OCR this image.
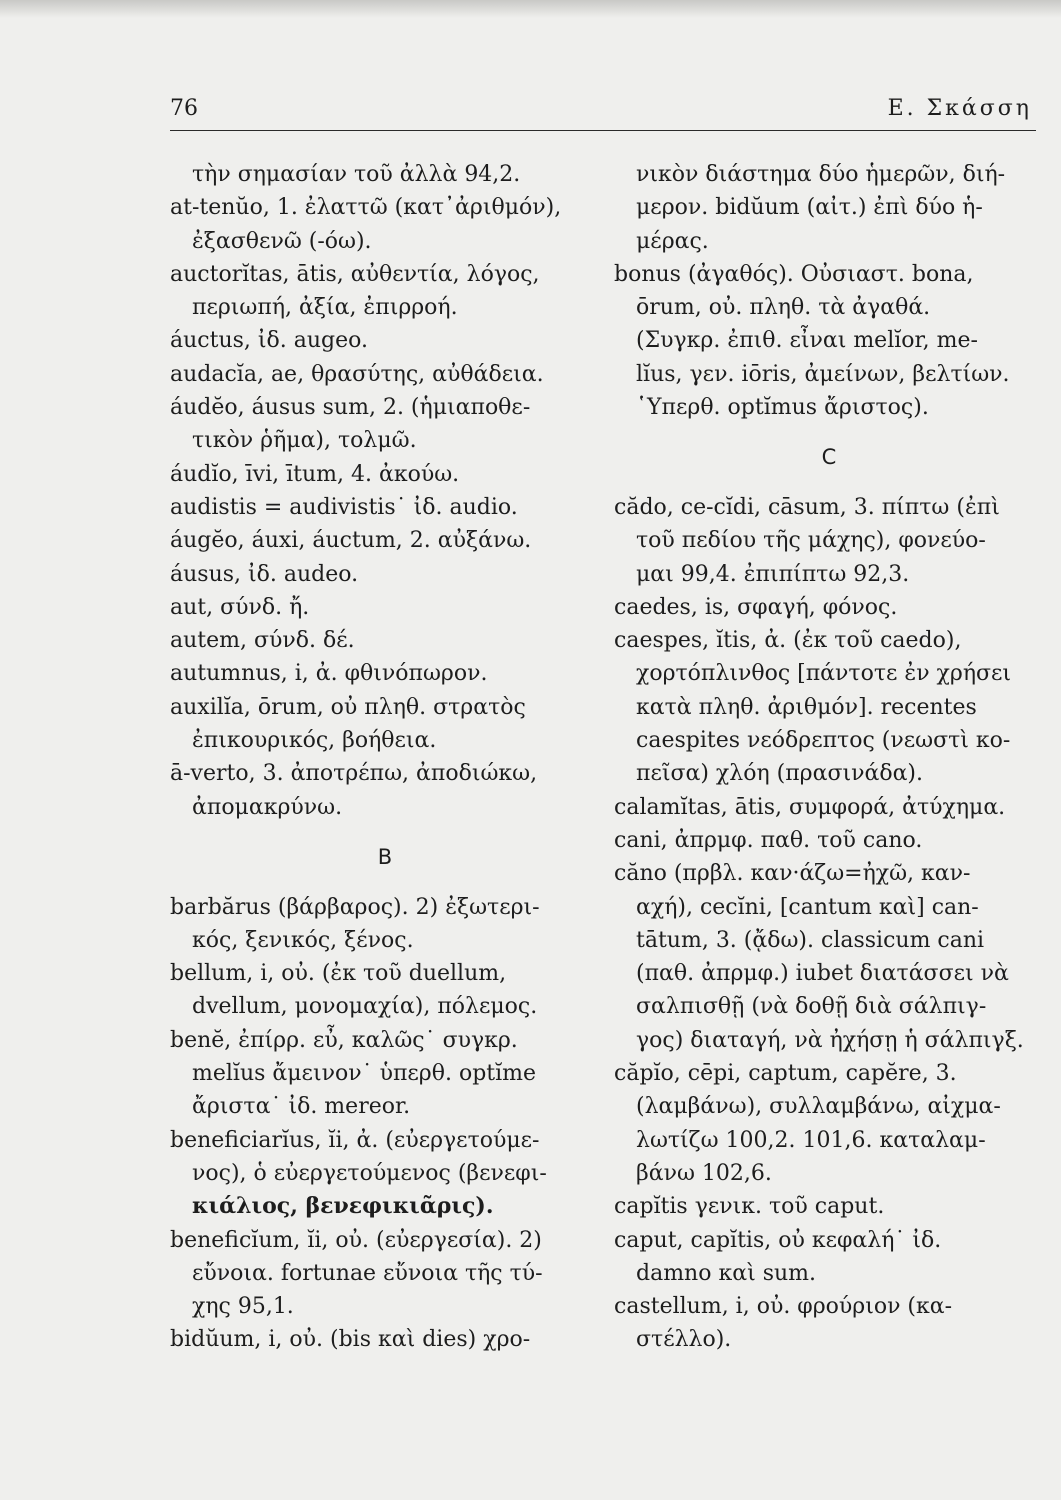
76	Ε. Σκάσση
τὴν σημασίαν τοῦ ἀλλὰ 94,2.
at-tenŭo, 1. ἐλαττῶ (κατ᾽ἀριθμόν),
ἐξασθενῶ (-όω).
auctorĭtas, ātis, αὐθεντία, λόγος,
περιωπή, ἀξία, ἐπιρροή.
áuctus, ἰδ. augeo.
audacĭa, ae, θρασύτης, αὐθάδεια.
áudĕo, áusus sum, 2. (ἡμιαποθε-
τικὸν ῥῆμα), τολμῶ.
áudĭo, īvi, ītum, 4. ἀκούω.
audistis = audivistis˙ ἰδ. audio.
áugĕo, áuxi, áuctum, 2. αὐξάνω.
áusus, ἰδ. audeo.
aut, σύνδ. ἤ.
autem, σύνδ. δέ.
autumnus, i, ἀ. φθινόπωρον.
auxilĭa, ōrum, οὐ πληθ. στρατὸς
ἐπικουρικός, βοήθεια.
ā-verto, 3. ἀποτρέπω, ἀποδιώκω,
ἀπομακρύνω.
B
barbărus (βάρβαρος). 2) ἐξωτερι-
κός, ξενικός, ξένος.
bellum, i, οὐ. (ἐκ τοῦ duellum,
dvellum, μονομαχία), πόλεμος.
benĕ, ἐπίρρ. εὖ, καλῶς˙ συγκρ.
melĭus ἄμεινον˙ ὑπερθ. optĭme
ἄριστα˙ ἰδ. mereor.
beneficiarĭus, ĭi, ἀ. (εὐεργετούμε-
νος), ὁ εὐεργετούμενος (βενεφι-
κιάλιος, βενεφικιᾶρις).
beneficĭum, ĭi, οὐ. (εὐεργεσία). 2)
εὔνοια. fortunae εὔνοια τῆς τύ-
χης 95,1.
bidŭum, i, οὐ. (bis καὶ dies) χρο-
νικὸν διάστημα δύο ἡμερῶν, διή-
μερον. bidŭum (αἰτ.) ἐπὶ δύο ἡ-
μέρας.
bonus (ἀγαθός). Οὐσιαστ. bona,
ōrum, οὐ. πληθ. τὰ ἀγαθά.
(Συγκρ. ἐπιθ. εἶναι melĭor, me-
lĭus, γεν. iōris, ἀμείνων, βελτίων.
῾Υπερθ. optĭmus ἄριστος).
C
cădo, ce-cĭdi, cāsum, 3. πίπτω (ἐπὶ
τοῦ πεδίου τῆς μάχης), φονεύο-
μαι 99,4. ἐπιπίπτω 92,3.
caedes, is, σφαγή, φόνος.
caespes, ĭtis, ἀ. (ἐκ τοῦ caedo),
χορτόπλινθος [πάντοτε ἐν χρήσει
κατὰ πληθ. ἀριθμόν]. recentes
caespites νεόδρεπτος (νεωστὶ κο-
πεῖσα) χλόη (πρασινάδα).
calamĭtas, ātis, συμφορά, ἀτύχημα.
cani, ἀπρμφ. παθ. τοῦ cano.
căno (πρβλ. καν·άζω=ἠχῶ, καν-
αχή), cecĭni, [cantum καὶ] can-
tātum, 3. (ᾄδω). classicum cani
(παθ. ἀπρμφ.) iubet διατάσσει νὰ
σαλπισθῇ (νὰ δοθῇ διὰ σάλπιγ-
γος) διαταγή, νὰ ἠχήσῃ ἡ σάλπιγξ.
căpĭo, cēpi, captum, capĕre, 3.
(λαμβάνω), συλλαμβάνω, αἰχμα-
λωτίζω 100,2. 101,6. καταλαμ-
βάνω 102,6.
capĭtis γενικ. τοῦ caput.
caput, capĭtis, οὐ κεφαλή˙ ἰδ.
damno καὶ sum.
castellum, i, οὐ. φρούριον (κα-
στέλλο).
